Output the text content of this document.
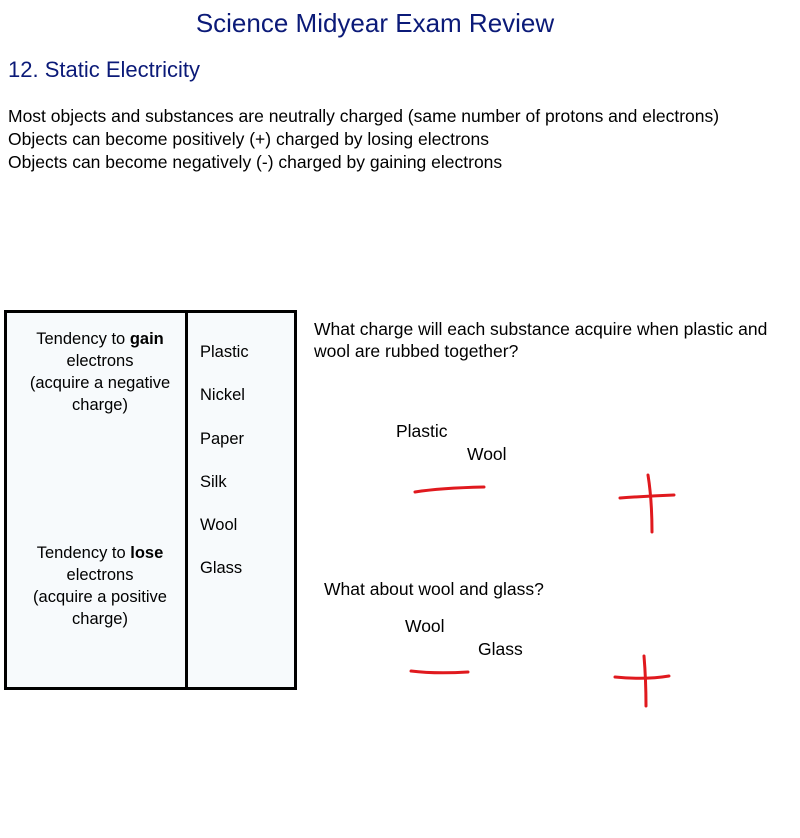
Science Midyear Exam Review
12. Static Electricity
Most objects and substances are neutrally charged (same number of protons and electrons)
Objects can become positively (+) charged by losing electrons
Objects can become negatively (-) charged by gaining electrons
Tendency to gain
electrons
(acquire a negative
charge)
Tendency to lose
electrons
(acquire a positive
charge)
Plastic
Nickel
Paper
Silk
Wool
Glass
What charge will each substance acquire when plastic and wool are rubbed together?
Plastic
Wool
What about wool and glass?
Wool
Glass
